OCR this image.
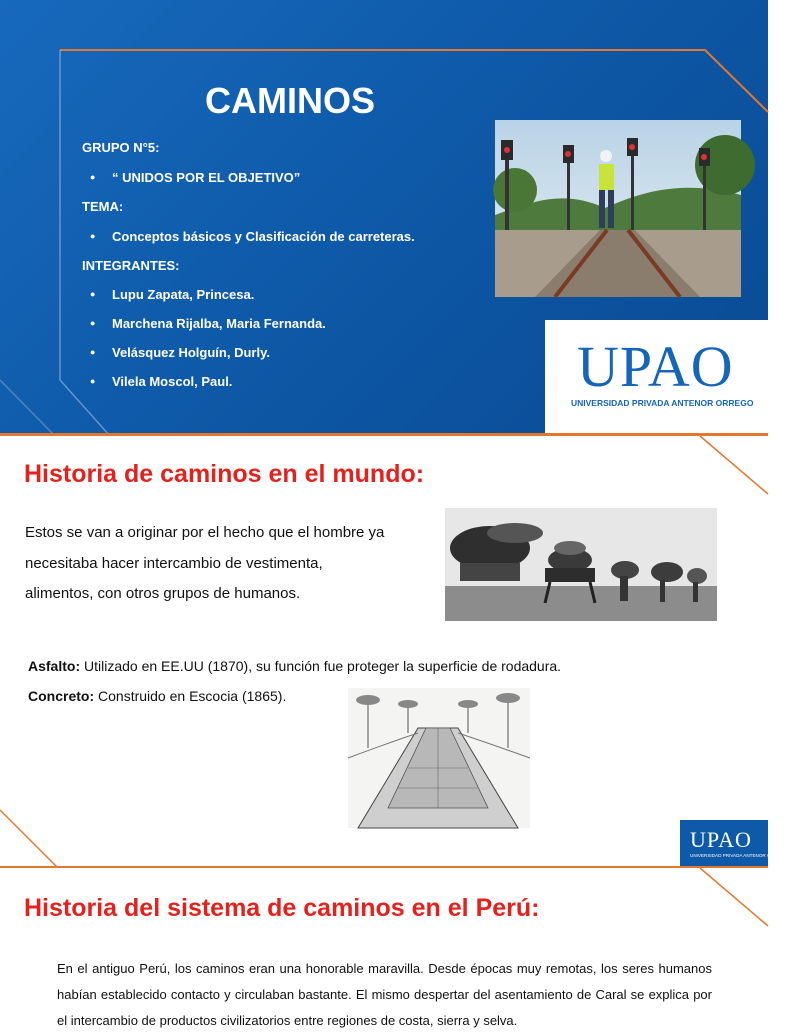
CAMINOS
GRUPO N°5:
● “ UNIDOS POR EL OBJETIVO”
TEMA:
● Conceptos básicos y Clasificación de carreteras.
INTEGRANTES:
● Lupu Zapata, Princesa.
● Marchena Rijalba, Maria Fernanda.
● Velásquez Holguín, Durly.
● Vilela Moscol, Paul.	UPAO
UNIVERSIDAD PRIVADA ANTENOR ORREGO
Historia de caminos en el mundo:
Estos se van a originar por el hecho que el hombre ya
necesitaba hacer intercambio de vestimenta,
alimentos, con otros grupos de humanos.
Asfalto: Utilizado en EE.UU (1870), su función fue proteger la superficie de rodadura.
Concreto: Construido en Escocia (1865).
UPAO
UNIVERSIDAD PRIVADA ANTENOR ORREGO
Historia del sistema de caminos en el Perú:
En el antiguo Perú, los caminos eran una honorable maravilla. Desde épocas muy remotas, los seres humanos habían establecido contacto y circulaban bastante. El mismo despertar del asentamiento de Caral se explica por el intercambio de productos civilizatorios entre regiones de costa, sierra y selva.
